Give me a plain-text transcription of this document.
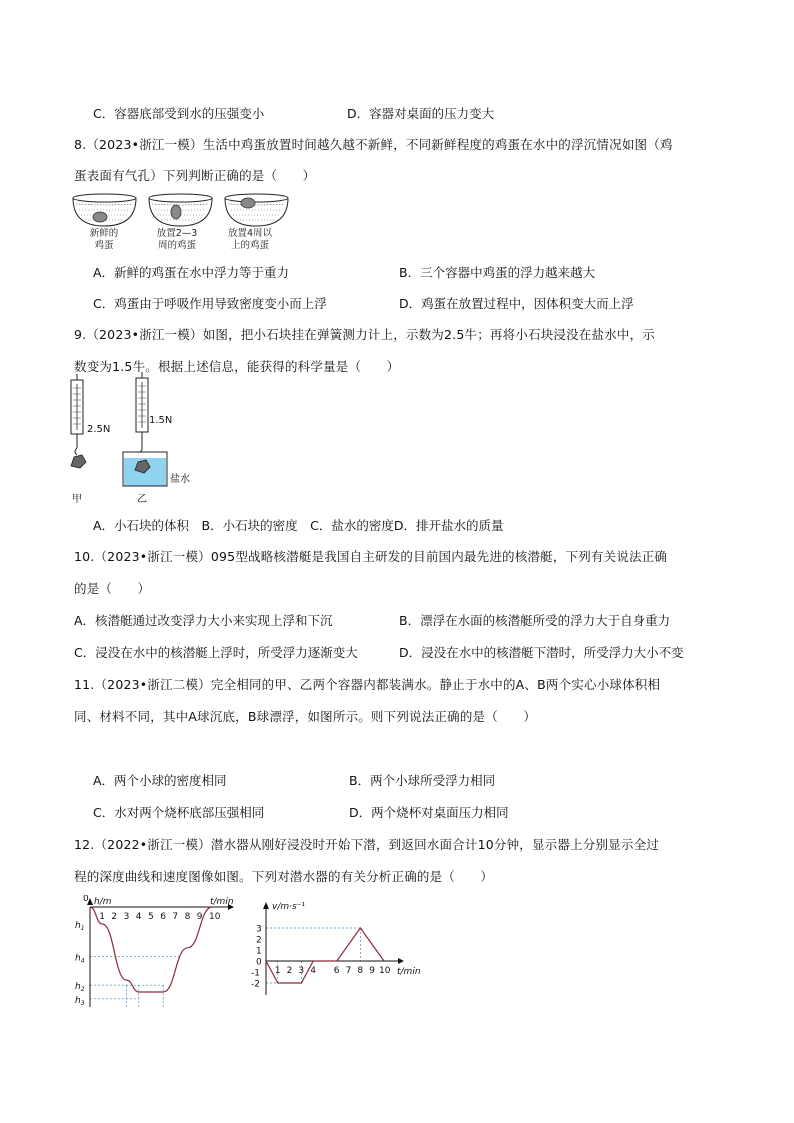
C．容器底部受到水的压强变小	D．容器对桌面的压力变大
8.（2023•浙江一模）生活中鸡蛋放置时间越久越不新鲜，不同新鲜程度的鸡蛋在水中的浮沉情况如图（鸡
蛋表面有气孔）下列判断正确的是（　　）
新鲜的
鸡蛋
放置2—3
周的鸡蛋
放置4周以
上的鸡蛋
A．新鲜的鸡蛋在水中浮力等于重力	B．三个容器中鸡蛋的浮力越来越大
C．鸡蛋由于呼吸作用导致密度变小而上浮	D．鸡蛋在放置过程中，因体积变大而上浮
9.（2023•浙江一模）如图，把小石块挂在弹簧测力计上，示数为2.5牛；再将小石块浸没在盐水中，示
数变为1.5牛。根据上述信息，能获得的科学量是（　　）
2.5N
1.5N
盐水
甲	乙
A．小石块的体积　B．小石块的密度　C．盐水的密度D．排开盐水的质量
10.（2023•浙江一模）095型战略核潜艇是我国自主研发的目前国内最先进的核潜艇，下列有关说法正确
的是（　　）
A．核潜艇通过改变浮力大小来实现上浮和下沉	B．漂浮在水面的核潜艇所受的浮力大于自身重力
C．浸没在水中的核潜艇上浮时，所受浮力逐渐变大	D．浸没在水中的核潜艇下潜时，所受浮力大小不变
11.（2023•浙江二模）完全相同的甲、乙两个容器内都装满水。静止于水中的A、B两个实心小球体积相
同、材料不同，其中A球沉底，B球漂浮，如图所示。则下列说法正确的是（　　）
A．两个小球的密度相同	B．两个小球所受浮力相同
C．水对两个烧杯底部压强相同	D．两个烧杯对桌面压力相同
12.（2022•浙江一模）潜水器从刚好浸没时开始下潜，到返回水面合计10分钟，显示器上分别显示全过
程的深度曲线和速度图像如图。下列对潜水器的有关分析正确的是（　　）
h/m	t/min
1 2 3 4 5 6 7 8 9 10
0
$h_1$
$h_4$
$h_2$
$h_3$
v/m·s⁻¹
t/min
1 2 3 4 6 7 8 9 10
3
2
1
0
-1
-2
